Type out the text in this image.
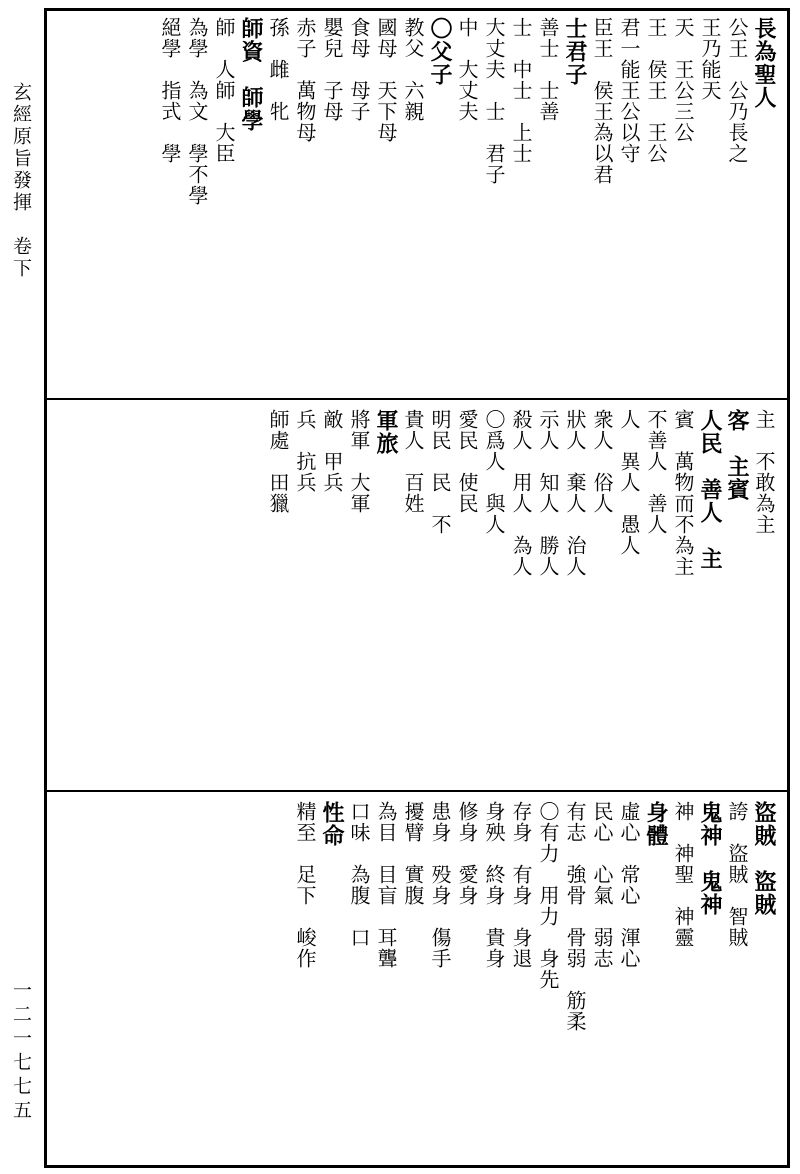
玄經原旨發揮　卷下
一二一七七五
長為聖人
公王　公乃長之
王乃能天
天　王公三公
王　侯王　王公
君一能王公以守
臣王　侯王為以君
士君子
善士　士善
士　中士　上士
大丈夫　士　君子
中　大丈夫
〇父子
教父　六親
國母　天下母
食母　母子
嬰兒　子母
赤子　萬物母
孫　雌　牝
師資　師學
師　人師　大臣
為學　為文　學不學
絕學　指式　學
主　不敢為主
客　主賓
人民　善人　主
賓　萬物而不為主
不善人　善人
人　異人　愚人
衆人　俗人
狀人　棄人　治人
示人　知人　勝人
殺人　用人　為人
〇爲人　與人
愛民　使民
明民　民　不
貴人　百姓
軍旅
將軍　大軍
敵　甲兵
兵　抗兵
師處　田獵
盜賊　盜賊
誇　盜賊　智賊
鬼神　鬼神
神　神聖　神靈
身體
虛心　常心　渾心
民心　心氣　弱志
有志　強骨　骨弱　筋柔
〇有力　用力　身先
存身　有身　身退
身殃　終身　貴身
修身　愛身
患身　殁身　傷手
擾臂　實腹
為目　目盲　耳聾
口味　為腹　口
性命
精至　足下　峻作
